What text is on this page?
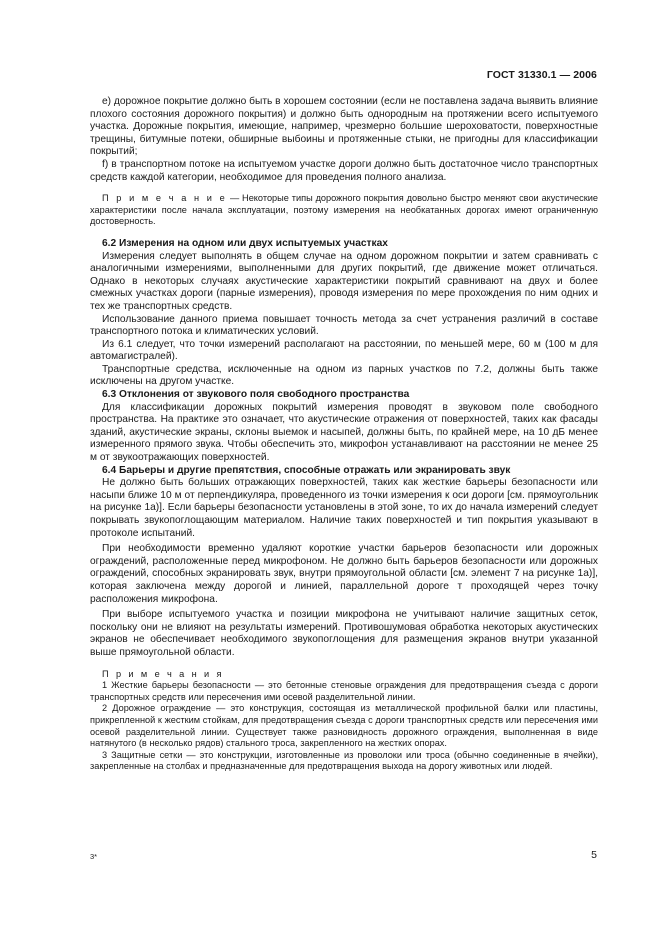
ГОСТ 31330.1 — 2006

е) дорожное покрытие должно быть в хорошем состоянии (если не поставлена задача выявить влияние плохого состояния дорожного покрытия) и должно быть однородным на протяжении всего испытуемого участка. Дорожные покрытия, имеющие, например, чрезмерно большие шероховатости, поверхностные трещины, битумные потеки, обширные выбоины и протяженные стыки, не пригодны для классификации покрытий;

f) в транспортном потоке на испытуемом участке дороги должно быть достаточное число транспортных средств каждой категории, необходимое для проведения полного анализа.

П р и м е ч а н и е — Некоторые типы дорожного покрытия довольно быстро меняют свои акустические характеристики после начала эксплуатации, поэтому измерения на необкатанных дорогах имеют ограниченную достоверность.

6.2 Измерения на одном или двух испытуемых участках

Измерения следует выполнять в общем случае на одном дорожном покрытии и затем сравнивать с аналогичными измерениями, выполненными для других покрытий, где движение может отличаться. Однако в некоторых случаях акустические характеристики покрытий сравнивают на двух и более смежных участках дороги (парные измерения), проводя измерения по мере прохождения по ним одних и тех же транспортных средств.

Использование данного приема повышает точность метода за счет устранения различий в составе транспортного потока и климатических условий.

Из 6.1 следует, что точки измерений располагают на расстоянии, по меньшей мере, 60 м (100 м для автомагистралей).

Транспортные средства, исключенные на одном из парных участков по 7.2, должны быть также исключены на другом участке.

6.3 Отклонения от звукового поля свободного пространства

Для классификации дорожных покрытий измерения проводят в звуковом поле свободного пространства. На практике это означает, что акустические отражения от поверхностей, таких как фасады зданий, акустические экраны, склоны выемок и насыпей, должны быть, по крайней мере, на 10 дБ менее измеренного прямого звука. Чтобы обеспечить это, микрофон устанавливают на расстоянии не менее 25 м от звукоотражающих поверхностей.

6.4 Барьеры и другие препятствия, способные отражать или экранировать звук

Не должно быть больших отражающих поверхностей, таких как жесткие барьеры безопасности или насыпи ближе 10 м от перпендикуляра, проведенного из точки измерения к оси дороги [см. прямоугольник на рисунке 1а)]. Если барьеры безопасности установлены в этой зоне, то их до начала измерений следует покрывать звукопоглощающим материалом. Наличие таких поверхностей и тип покрытия указывают в протоколе испытаний.

При необходимости временно удаляют короткие участки барьеров безопасности или дорожных ограждений, расположенные перед микрофоном. Не должно быть барьеров безопасности или дорожных ограждений, способных экранировать звук, внутри прямоугольной области [см. элемент 7 на рисунке 1а)], которая заключена между дорогой и линией, параллельной дороге т проходящей через точку расположения микрофона.

При выборе испытуемого участка и позиции микрофона не учитывают наличие защитных сеток, поскольку они не влияют на результаты измерений. Противошумовая обработка некоторых акустических экранов не обеспечивает необходимого звукопоглощения для размещения экранов внутри указанной выше прямоугольной области.

П р и м е ч а н и я

1 Жесткие барьеры безопасности — это бетонные стеновые ограждения для предотвращения съезда с дороги транспортных средств или пересечения ими осевой разделительной линии.

2 Дорожное ограждение — это конструкция, состоящая из металлической профильной балки или пластины, прикрепленной к жестким стойкам, для предотвращения съезда с дороги транспортных средств или пересечения ими осевой разделительной линии. Существует также разновидность дорожного ограждения, выполненная в виде натянутого (в несколько рядов) стального троса, закрепленного на жестких опорах.

3 Защитные сетки — это конструкции, изготовленные из проволоки или троса (обычно соединенные в ячейки), закрепленные на столбах и предназначенные для предотвращения выхода на дорогу животных или людей.

3*	5
